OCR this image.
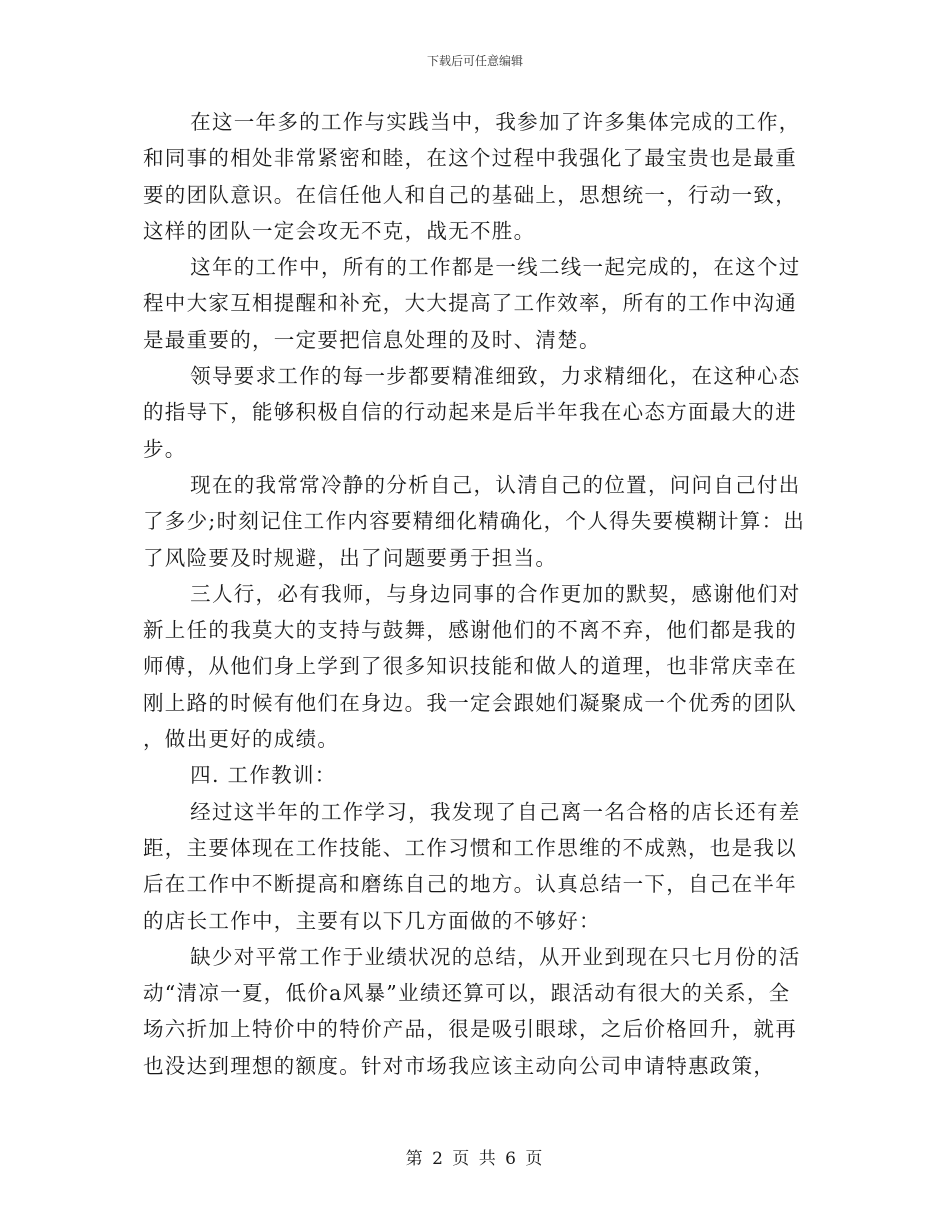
下载后可任意编辑

在这一年多的工作与实践当中，我参加了许多集体完成的工作，和同事的相处非常紧密和睦，在这个过程中我强化了最宝贵也是最重要的团队意识。在信任他人和自己的基础上，思想统一，行动一致，这样的团队一定会攻无不克，战无不胜。

这年的工作中，所有的工作都是一线二线一起完成的，在这个过程中大家互相提醒和补充，大大提高了工作效率，所有的工作中沟通是最重要的，一定要把信息处理的及时、清楚。

领导要求工作的每一步都要精准细致，力求精细化，在这种心态的指导下，能够积极自信的行动起来是后半年我在心态方面最大的进步。

现在的我常常冷静的分析自己，认清自己的位置，问问自己付出了多少;时刻记住工作内容要精细化精确化，个人得失要模糊计算：出了风险要及时规避，出了问题要勇于担当。

三人行，必有我师，与身边同事的合作更加的默契，感谢他们对新上任的我莫大的支持与鼓舞，感谢他们的不离不弃，他们都是我的师傅，从他们身上学到了很多知识技能和做人的道理，也非常庆幸在刚上路的时候有他们在身边。我一定会跟她们凝聚成一个优秀的团队，做出更好的成绩。

四. 工作教训：

经过这半年的工作学习，我发现了自己离一名合格的店长还有差距，主要体现在工作技能、工作习惯和工作思维的不成熟，也是我以后在工作中不断提高和磨练自己的地方。认真总结一下，自己在半年的店长工作中，主要有以下几方面做的不够好：

缺少对平常工作于业绩状况的总结，从开业到现在只七月份的活动“清凉一夏，低价a风暴”业绩还算可以，跟活动有很大的关系，全场六折加上特价中的特价产品，很是吸引眼球，之后价格回升，就再也没达到理想的额度。针对市场我应该主动向公司申请特惠政策，

第 2 页 共 6 页
